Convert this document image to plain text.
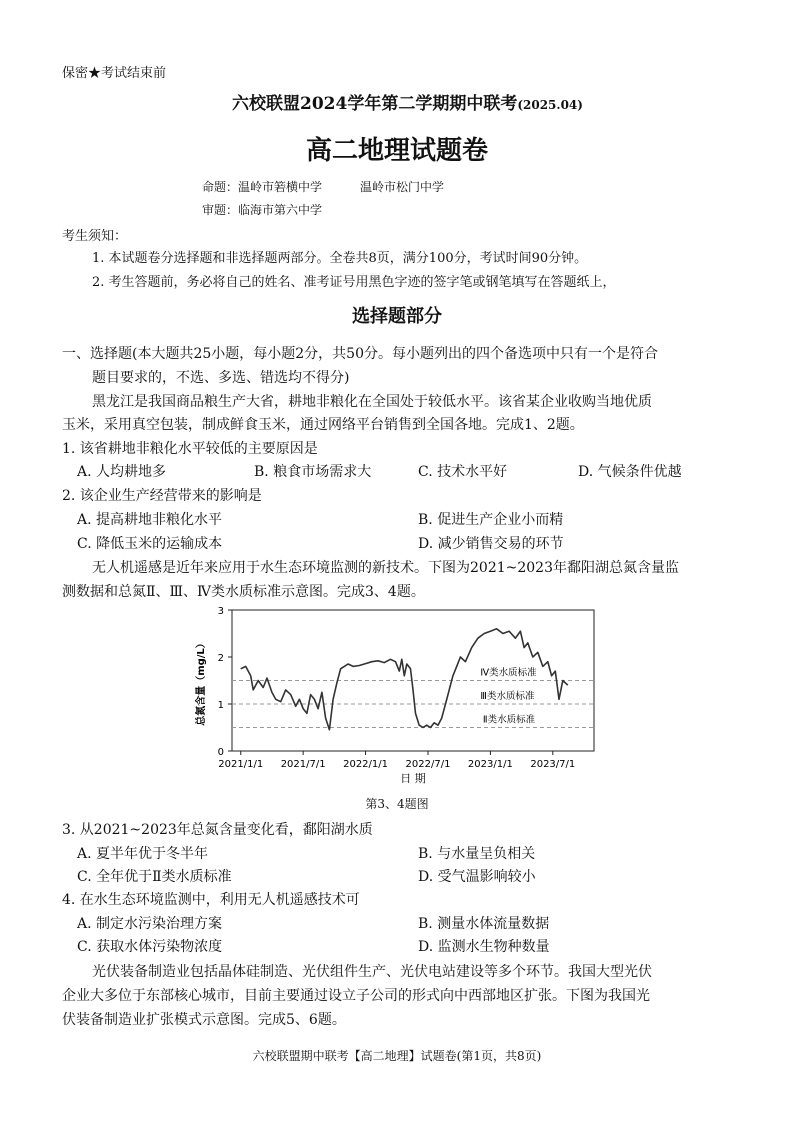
保密★考试结束前
六校联盟2024学年第二学期期中联考(2025.04)
高二地理试题卷
命题：温岭市箬横中学	温岭市松门中学
审题：临海市第六中学
考生须知：
1. 本试题卷分选择题和非选择题两部分。全卷共8页，满分100分，考试时间90分钟。
2. 考生答题前，务必将自己的姓名、准考证号用黑色字迹的签字笔或钢笔填写在答题纸上，
选择题部分
一、选择题(本大题共25小题，每小题2分，共50分。每小题列出的四个备选项中只有一个是符合
题目要求的，不选、多选、错选均不得分)
黑龙江是我国商品粮生产大省，耕地非粮化在全国处于较低水平。该省某企业收购当地优质
玉米，采用真空包装，制成鲜食玉米，通过网络平台销售到全国各地。完成1、2题。
1. 该省耕地非粮化水平较低的主要原因是
A. 人均耕地多	B. 粮食市场需求大	C. 技术水平好	D. 气候条件优越
2. 该企业生产经营带来的影响是
A. 提高耕地非粮化水平	B. 促进生产企业小而精
C. 降低玉米的运输成本	D. 减少销售交易的环节
无人机遥感是近年来应用于水生态环境监测的新技术。下图为2021~2023年鄱阳湖总氮含量监
测数据和总氮Ⅱ、Ⅲ、Ⅳ类水质标准示意图。完成3、4题。
0
1
2
3
2021/1/1 2021/7/1 2022/1/1 2022/7/1 2023/1/1 2023/7/1
Ⅳ类水质标准
Ⅲ类水质标准
Ⅱ类水质标准
总氮含量（mg/L）
日 期
第3、4题图
3. 从2021~2023年总氮含量变化看，鄱阳湖水质
A. 夏半年优于冬半年	B. 与水量呈负相关
C. 全年优于Ⅱ类水质标准	D. 受气温影响较小
4. 在水生态环境监测中，利用无人机遥感技术可
A. 制定水污染治理方案	B. 测量水体流量数据
C. 获取水体污染物浓度	D. 监测水生物种数量
光伏装备制造业包括晶体硅制造、光伏组件生产、光伏电站建设等多个环节。我国大型光伏
企业大多位于东部核心城市，目前主要通过设立子公司的形式向中西部地区扩张。下图为我国光
伏装备制造业扩张模式示意图。完成5、6题。
六校联盟期中联考【高二地理】试题卷(第1页，共8页)
